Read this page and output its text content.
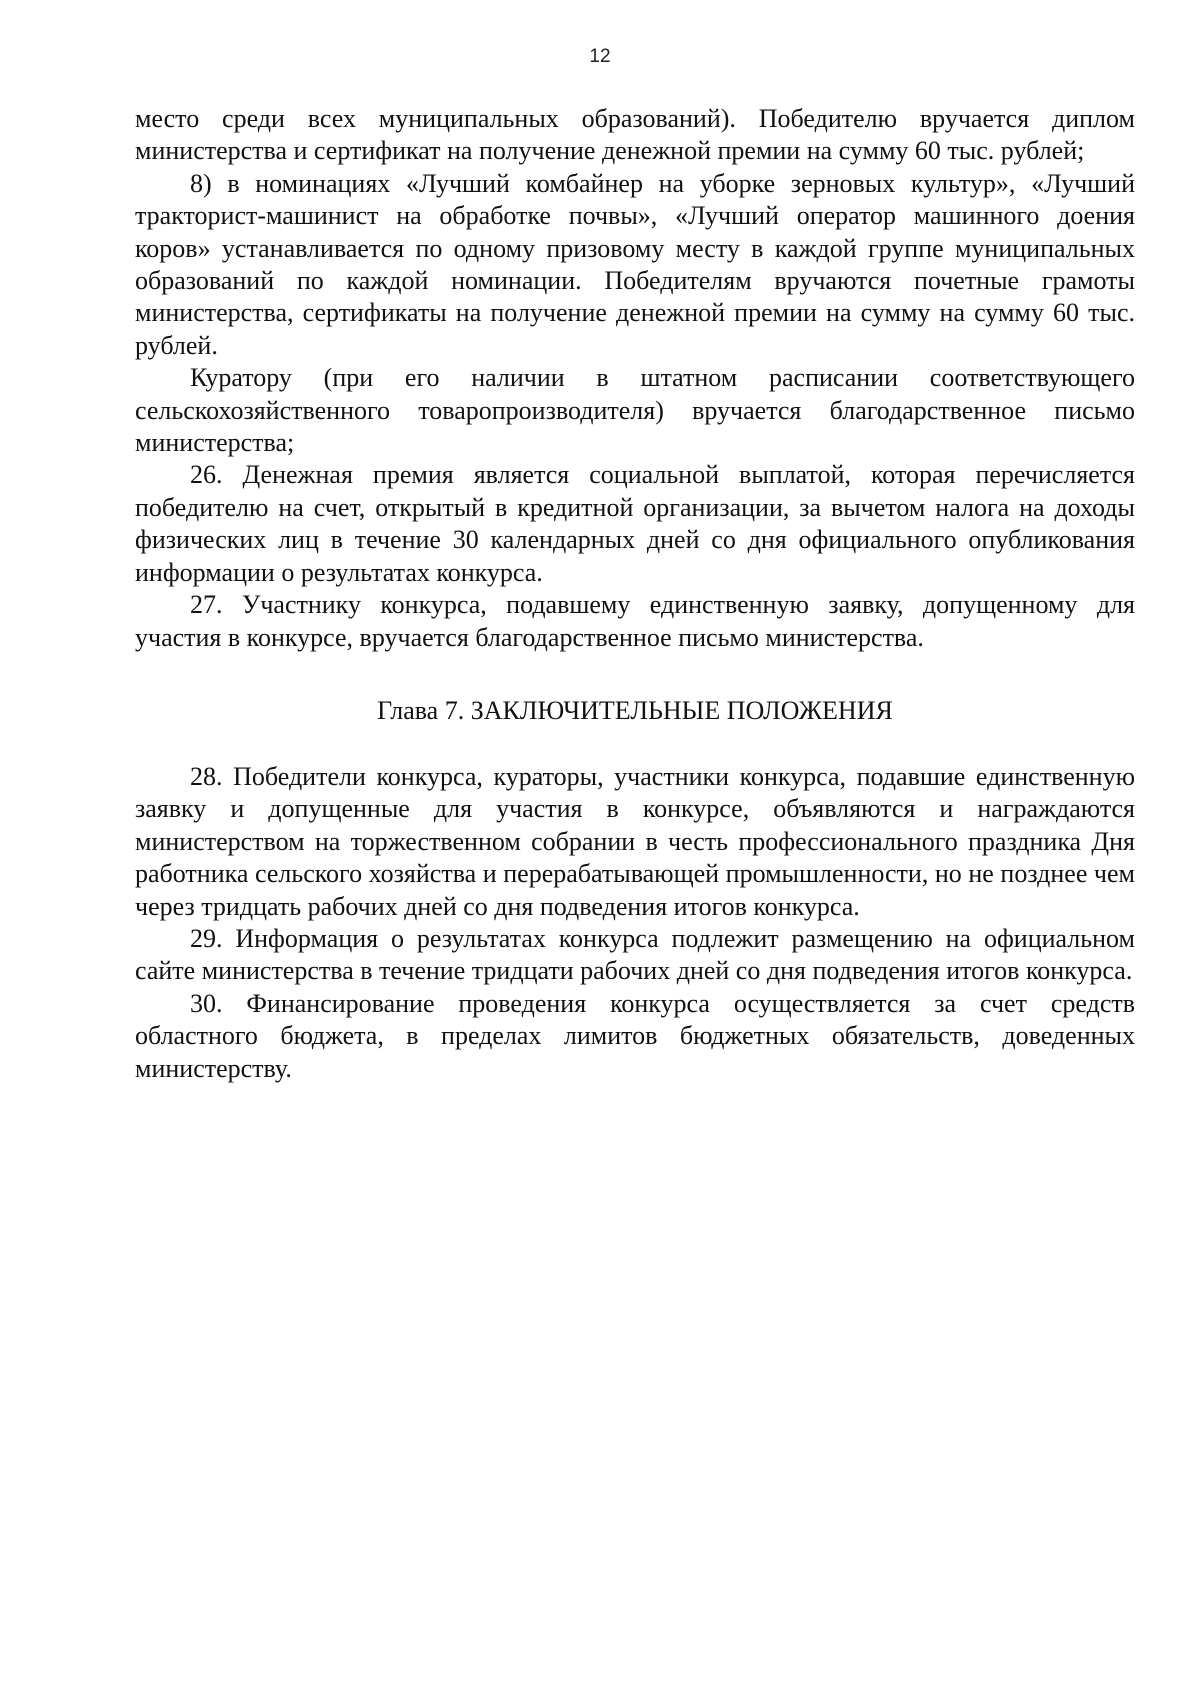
12

место среди всех муниципальных образований). Победителю вручается диплом министерства и сертификат на получение денежной премии на сумму 60 тыс. рублей;

8) в номинациях «Лучший комбайнер на уборке зерновых культур», «Лучший тракторист-машинист на обработке почвы», «Лучший оператор машинного доения коров» устанавливается по одному призовому месту в каждой группе муниципальных образований по каждой номинации. Победителям вручаются почетные грамоты министерства, сертификаты на получение денежной премии на сумму на сумму 60 тыс. рублей.

Куратору (при его наличии в штатном расписании соответствующего сельскохозяйственного товаропроизводителя) вручается благодарственное письмо министерства;

26. Денежная премия является социальной выплатой, которая перечисляется победителю на счет, открытый в кредитной организации, за вычетом налога на доходы физических лиц в течение 30 календарных дней со дня официального опубликования информации о результатах конкурса.

27. Участнику конкурса, подавшему единственную заявку, допущенному для участия в конкурсе, вручается благодарственное письмо министерства.

Глава 7. ЗАКЛЮЧИТЕЛЬНЫЕ ПОЛОЖЕНИЯ

28. Победители конкурса, кураторы, участники конкурса, подавшие единственную заявку и допущенные для участия в конкурсе, объявляются и награждаются министерством на торжественном собрании в честь профессионального праздника Дня работника сельского хозяйства и перерабатывающей промышленности, но не позднее чем через тридцать рабочих дней со дня подведения итогов конкурса.

29. Информация о результатах конкурса подлежит размещению на официальном сайте министерства в течение тридцати рабочих дней со дня подведения итогов конкурса.

30. Финансирование проведения конкурса осуществляется за счет средств областного бюджета, в пределах лимитов бюджетных обязательств, доведенных министерству.
